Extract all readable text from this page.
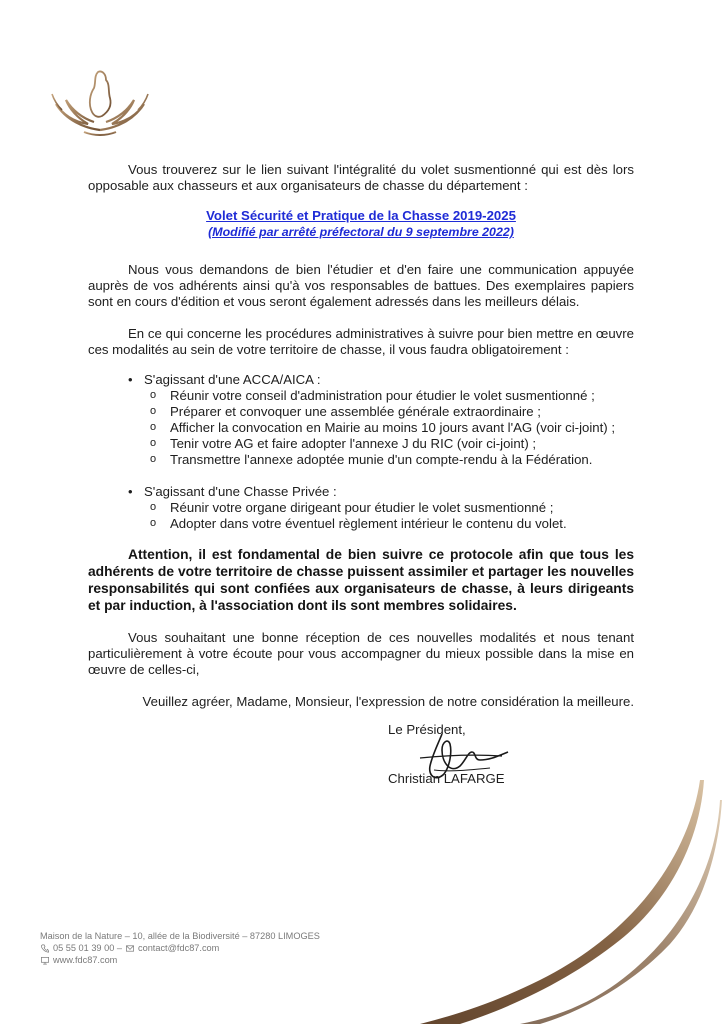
Vous trouverez sur le lien suivant l'intégralité du volet susmentionné qui est dès lors opposable aux chasseurs et aux organisateurs de chasse du département :

Volet Sécurité et Pratique de la Chasse 2019-2025
(Modifié par arrêté préfectoral du 9 septembre 2022)

Nous vous demandons de bien l'étudier et d'en faire une communication appuyée auprès de vos adhérents ainsi qu'à vos responsables de battues. Des exemplaires papiers sont en cours d'édition et vous seront également adressés dans les meilleurs délais.

En ce qui concerne les procédures administratives à suivre pour bien mettre en œuvre ces modalités au sein de votre territoire de chasse, il vous faudra obligatoirement :

• S'agissant d'une ACCA/AICA :
o Réunir votre conseil d'administration pour étudier le volet susmentionné ;
o Préparer et convoquer une assemblée générale extraordinaire ;
o Afficher la convocation en Mairie au moins 10 jours avant l'AG (voir ci-joint) ;
o Tenir votre AG et faire adopter l'annexe J du RIC (voir ci-joint) ;
o Transmettre l'annexe adoptée munie d'un compte-rendu à la Fédération.
• S'agissant d'une Chasse Privée :
o Réunir votre organe dirigeant pour étudier le volet susmentionné ;
o Adopter dans votre éventuel règlement intérieur le contenu du volet.

Attention, il est fondamental de bien suivre ce protocole afin que tous les adhérents de votre territoire de chasse puissent assimiler et partager les nouvelles responsabilités qui sont confiées aux organisateurs de chasse, à leurs dirigeants et par induction, à l'association dont ils sont membres solidaires.

Vous souhaitant une bonne réception de ces nouvelles modalités et nous tenant particulièrement à votre écoute pour vous accompagner du mieux possible dans la mise en œuvre de celles-ci,

Veuillez agréer, Madame, Monsieur, l'expression de notre considération la meilleure.

Le Président,
Christian LAFARGE
Maison de la Nature – 10, allée de la Biodiversité – 87280 LIMOGES
05 55 01 39 00 – contact@fdc87.com
www.fdc87.com
